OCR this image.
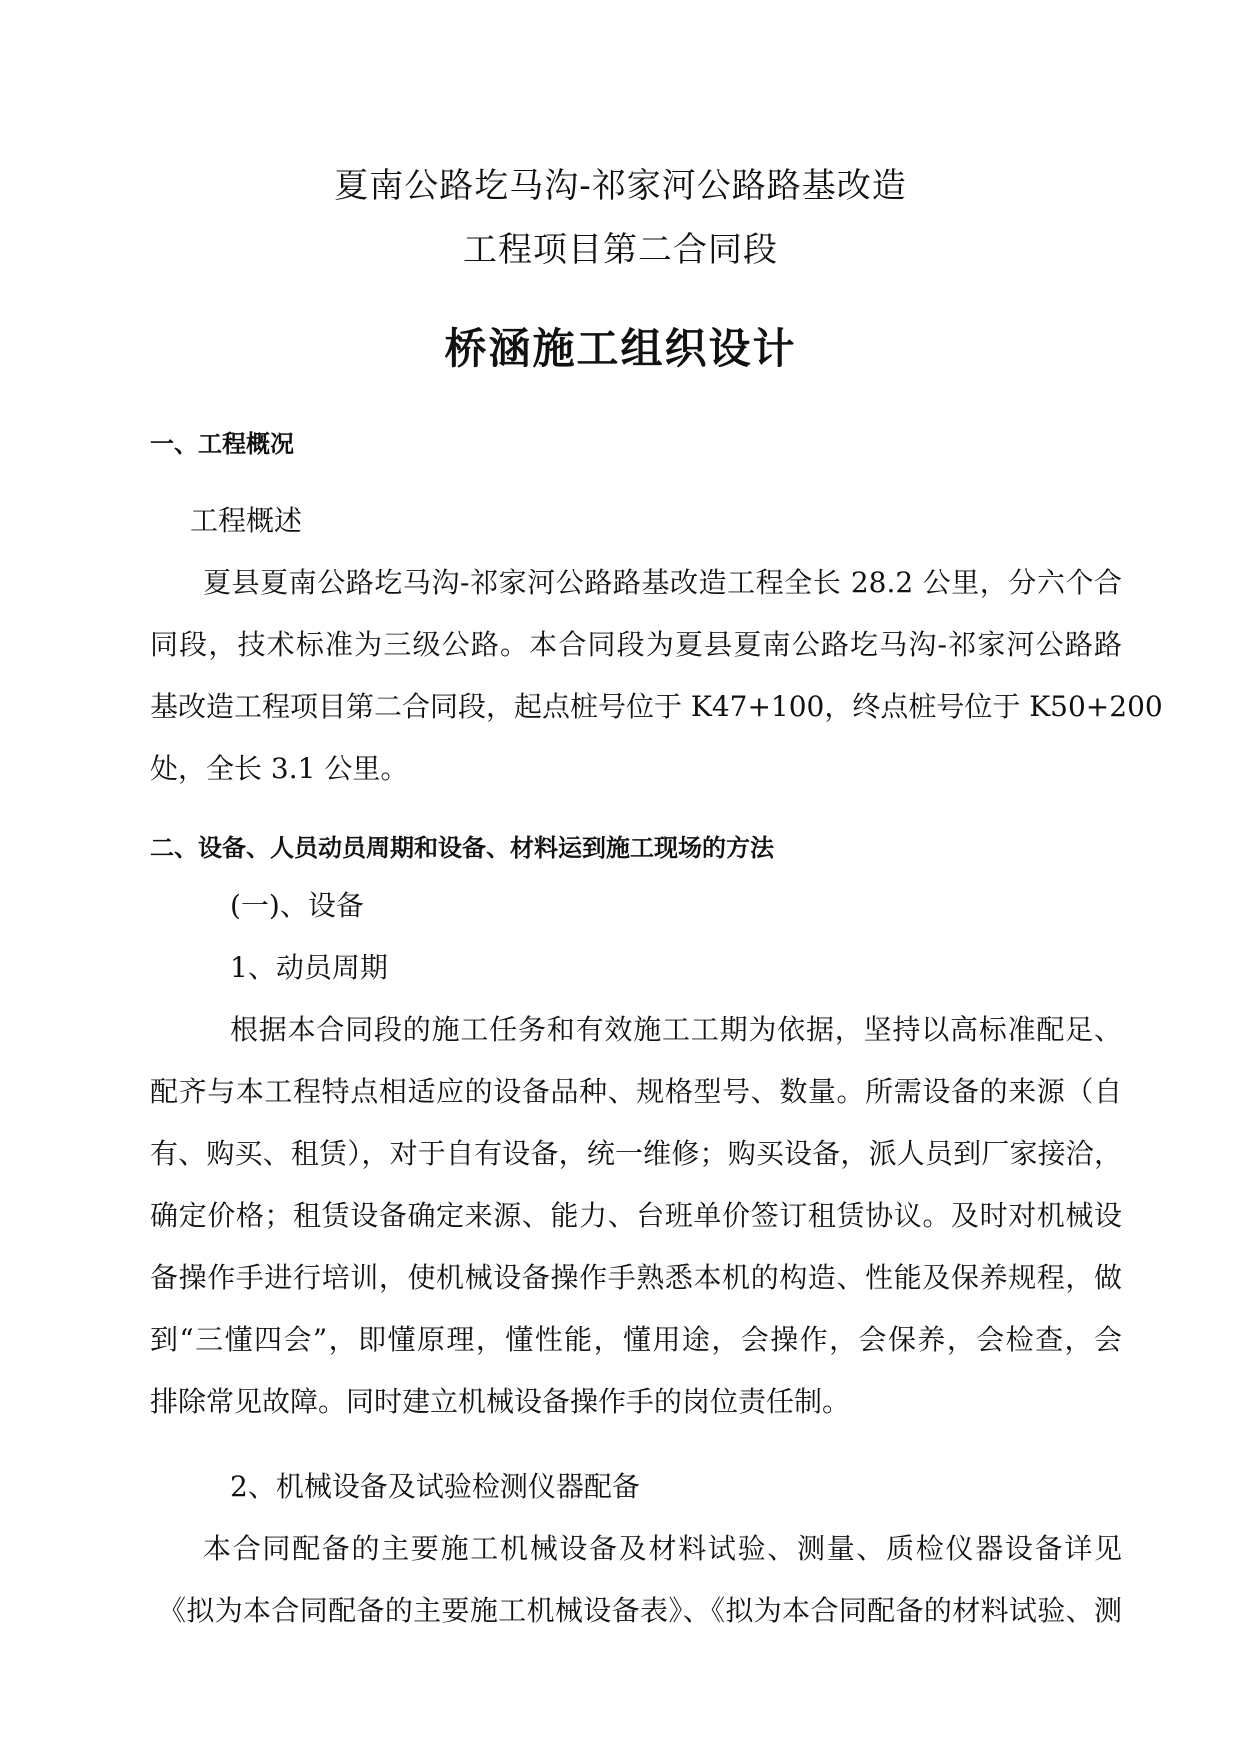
夏南公路圪马沟-祁家河公路路基改造
工程项目第二合同段
桥涵施工组织设计
一、工程概况
工程概述
夏县夏南公路圪马沟-祁家河公路路基改造工程全长 28.2 公里，分六个合
同段，技术标准为三级公路。本合同段为夏县夏南公路圪马沟-祁家河公路路
基改造工程项目第二合同段，起点桩号位于 K47+100，终点桩号位于 K50+200
处，全长 3.1 公里。
二、设备、人员动员周期和设备、材料运到施工现场的方法
(一)、设备
1、动员周期
根据本合同段的施工任务和有效施工工期为依据，坚持以高标准配足、
配齐与本工程特点相适应的设备品种、规格型号、数量。所需设备的来源（自
有、购买、租赁），对于自有设备，统一维修；购买设备，派人员到厂家接洽，
确定价格；租赁设备确定来源、能力、台班单价签订租赁协议。及时对机械设
备操作手进行培训，使机械设备操作手熟悉本机的构造、性能及保养规程，做
到“三懂四会”，即懂原理，懂性能，懂用途，会操作，会保养，会检查，会
排除常见故障。同时建立机械设备操作手的岗位责任制。
2、机械设备及试验检测仪器配备
本合同配备的主要施工机械设备及材料试验、测量、质检仪器设备详见
《拟为本合同配备的主要施工机械设备表》、《拟为本合同配备的材料试验、测
